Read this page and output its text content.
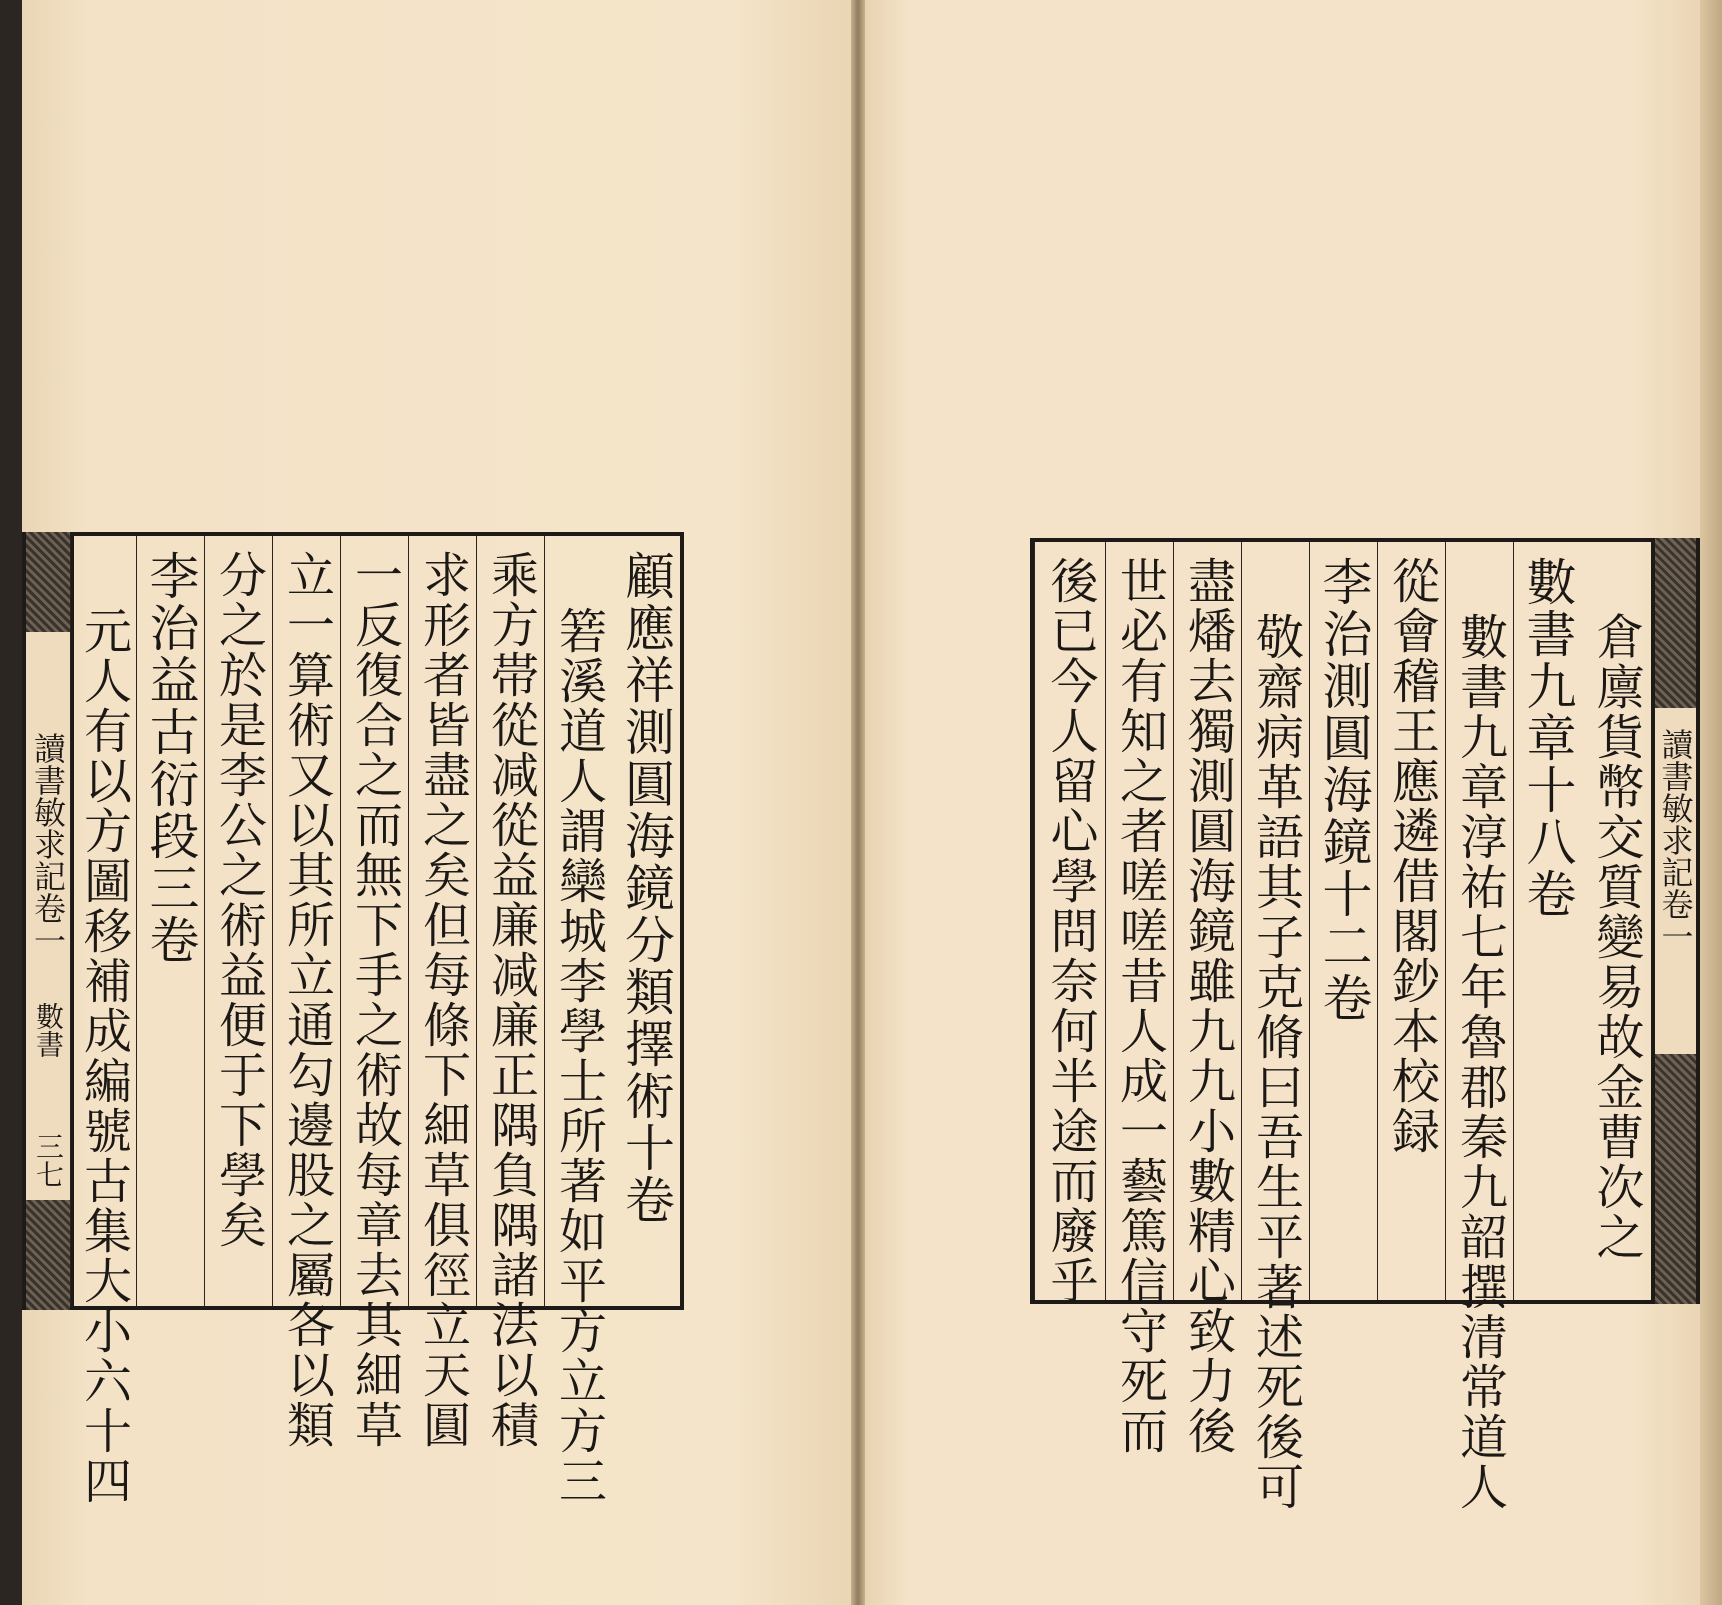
讀書敏求記卷一
數書
三七	顧應祥測圓海鏡分類擇術十卷
箬溪道人謂欒城李學士所著如平方立方三
乘方帯從减從益廉减廉正隅負隅諸法以積
求形者皆盡之矣但每條下細草俱徑立天圓
一反復合之而無下手之術故每章去其細草
立一算術又以其所立通勾邊股之屬各以類
分之於是李公之術益便于下學矣
李治益古衍段三卷
元人有以方圖移補成編號古集大小六十四	倉廪貨幣交質變易故金曹次之
數書九章十八卷
數書九章淳祐七年魯郡秦九韶撰清常道人
從會稽王應遴借閣鈔本校録
李治測圓海鏡十二卷
敬齋病革語其子克脩曰吾生平著述死後可
盡燔去獨測圓海鏡雖九九小數精心致力後
世必有知之者嗟嗟昔人成一藝篤信守死而
後已今人留心學問奈何半途而廢乎	讀書敏求記卷一
